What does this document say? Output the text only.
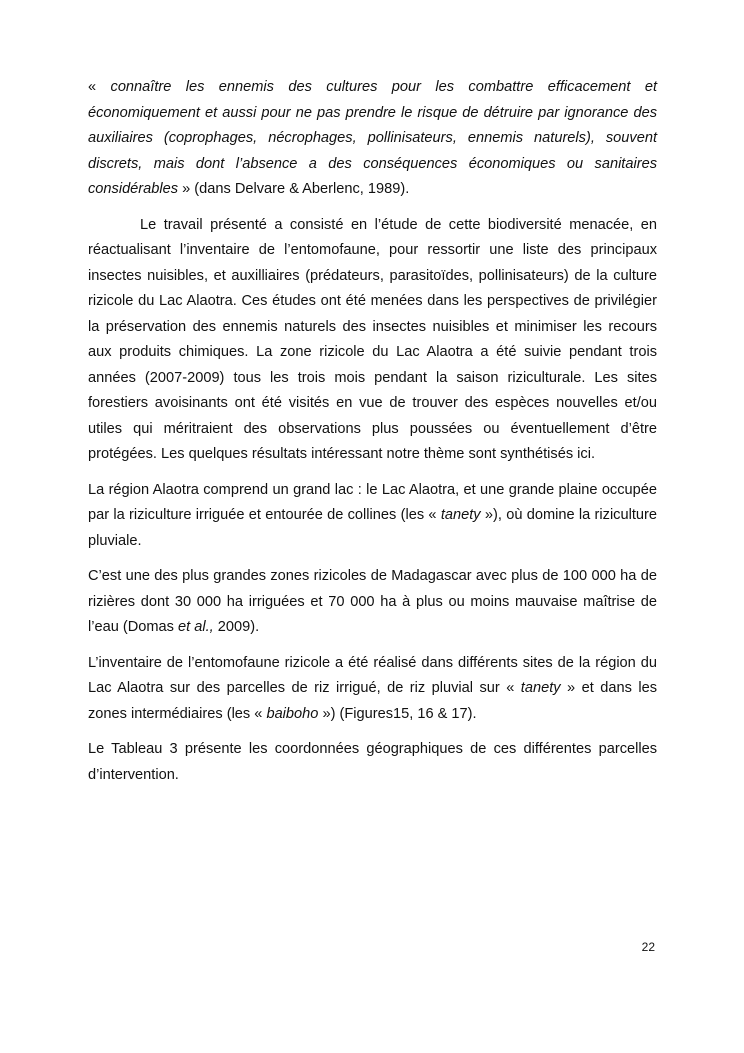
« connaître les ennemis des cultures pour les combattre efficacement et économiquement et aussi pour ne pas prendre le risque de détruire par ignorance des auxiliaires (coprophages, nécrophages, pollinisateurs, ennemis naturels), souvent discrets, mais dont l’absence a des conséquences économiques ou sanitaires considérables » (dans Delvare & Aberlenc, 1989).

Le travail présenté a consisté en l’étude de cette biodiversité menacée, en réactualisant l’inventaire de l’entomofaune, pour ressortir une liste des principaux insectes nuisibles, et auxilliaires (prédateurs, parasitoïdes, pollinisateurs) de la culture rizicole du Lac Alaotra. Ces études ont été menées dans les perspectives de privilégier la préservation des ennemis naturels des insectes nuisibles et minimiser les recours aux produits chimiques. La zone rizicole du Lac Alaotra a été suivie pendant trois années (2007-2009) tous les trois mois pendant la saison riziculturale. Les sites forestiers avoisinants ont été visités en vue de trouver des espèces nouvelles et/ou utiles qui méritraient des observations plus poussées ou éventuellement d’être protégées. Les quelques résultats intéressant notre thème sont synthétisés ici.

La région Alaotra comprend un grand lac : le Lac Alaotra, et une grande plaine occupée par la riziculture irriguée et entourée de collines (les « tanety »), où domine la riziculture pluviale.

C’est une des plus grandes zones rizicoles de Madagascar avec plus de 100 000 ha de rizières dont 30 000 ha irriguées et 70 000 ha à plus ou moins mauvaise maîtrise de l’eau (Domas et al., 2009).

L’inventaire de l’entomofaune rizicole a été réalisé dans différents sites de la région du Lac Alaotra sur des parcelles de riz irrigué, de riz pluvial sur « tanety » et dans les zones intermédiaires (les « baiboho ») (Figures15, 16 & 17).

Le Tableau 3 présente les coordonnées géographiques de ces différentes parcelles d’intervention.

22
